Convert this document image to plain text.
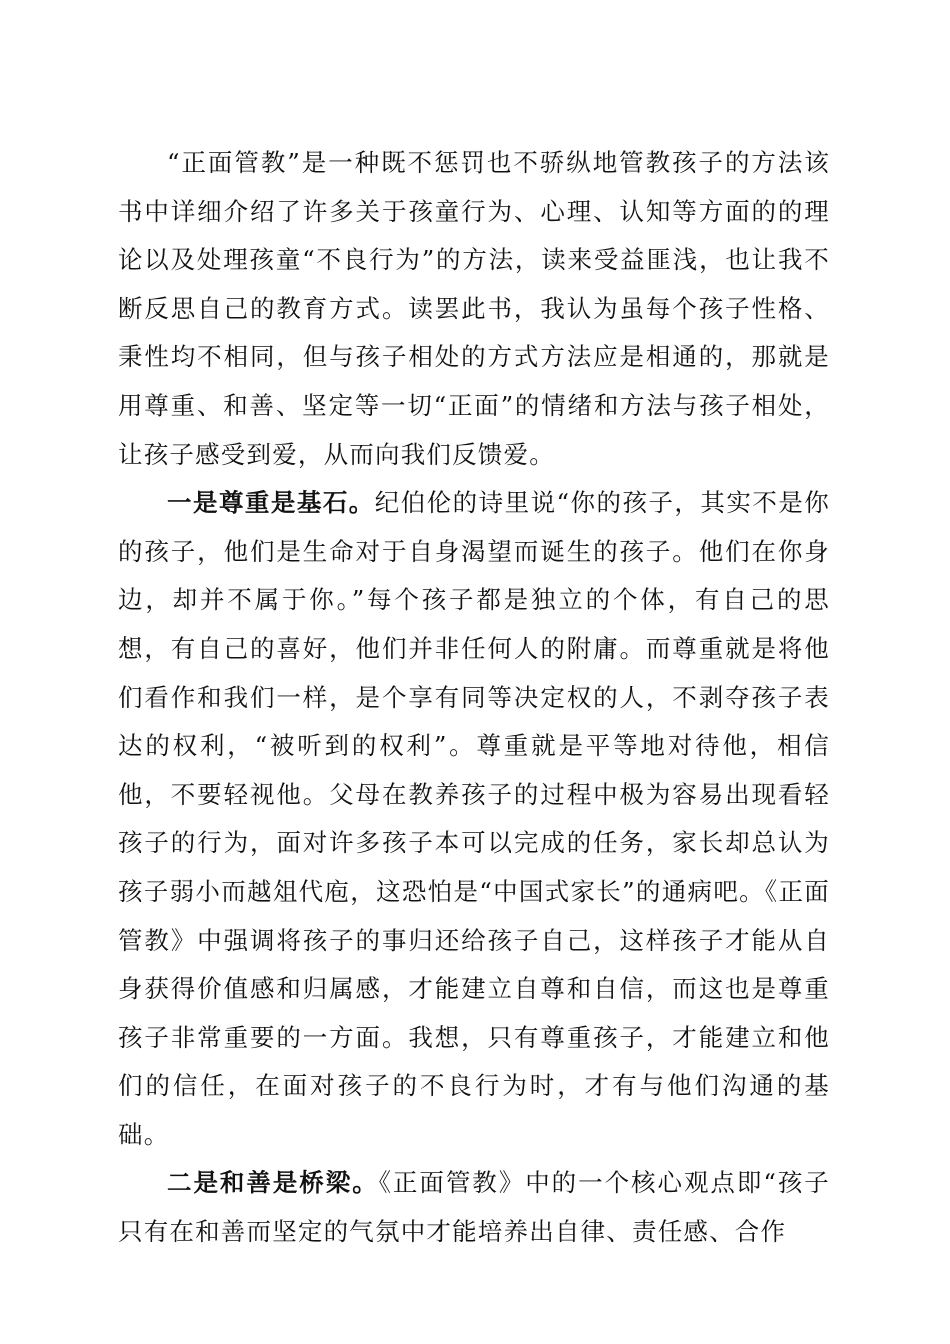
“正面管教”是一种既不惩罚也不骄纵地管教孩子的方法该书中详细介绍了许多关于孩童行为、心理、认知等方面的的理论以及处理孩童“不良行为”的方法，读来受益匪浅，也让我不断反思自己的教育方式。读罢此书，我认为虽每个孩子性格、秉性均不相同，但与孩子相处的方式方法应是相通的，那就是用尊重、和善、坚定等一切“正面”的情绪和方法与孩子相处，让孩子感受到爱，从而向我们反馈爱。

一是尊重是基石。纪伯伦的诗里说“你的孩子，其实不是你的孩子，他们是生命对于自身渴望而诞生的孩子。他们在你身边，却并不属于你。”每个孩子都是独立的个体，有自己的思想，有自己的喜好，他们并非任何人的附庸。而尊重就是将他们看作和我们一样，是个享有同等决定权的人，不剥夺孩子表达的权利，“被听到的权利”。尊重就是平等地对待他，相信他，不要轻视他。父母在教养孩子的过程中极为容易出现看轻孩子的行为，面对许多孩子本可以完成的任务，家长却总认为孩子弱小而越俎代庖，这恐怕是“中国式家长”的通病吧。《正面管教》中强调将孩子的事归还给孩子自己，这样孩子才能从自身获得价值感和归属感，才能建立自尊和自信，而这也是尊重孩子非常重要的一方面。我想，只有尊重孩子，才能建立和他们的信任，在面对孩子的不良行为时，才有与他们沟通的基础。

二是和善是桥梁。《正面管教》中的一个核心观点即“孩子只有在和善而坚定的气氛中才能培养出自律、责任感、合作
